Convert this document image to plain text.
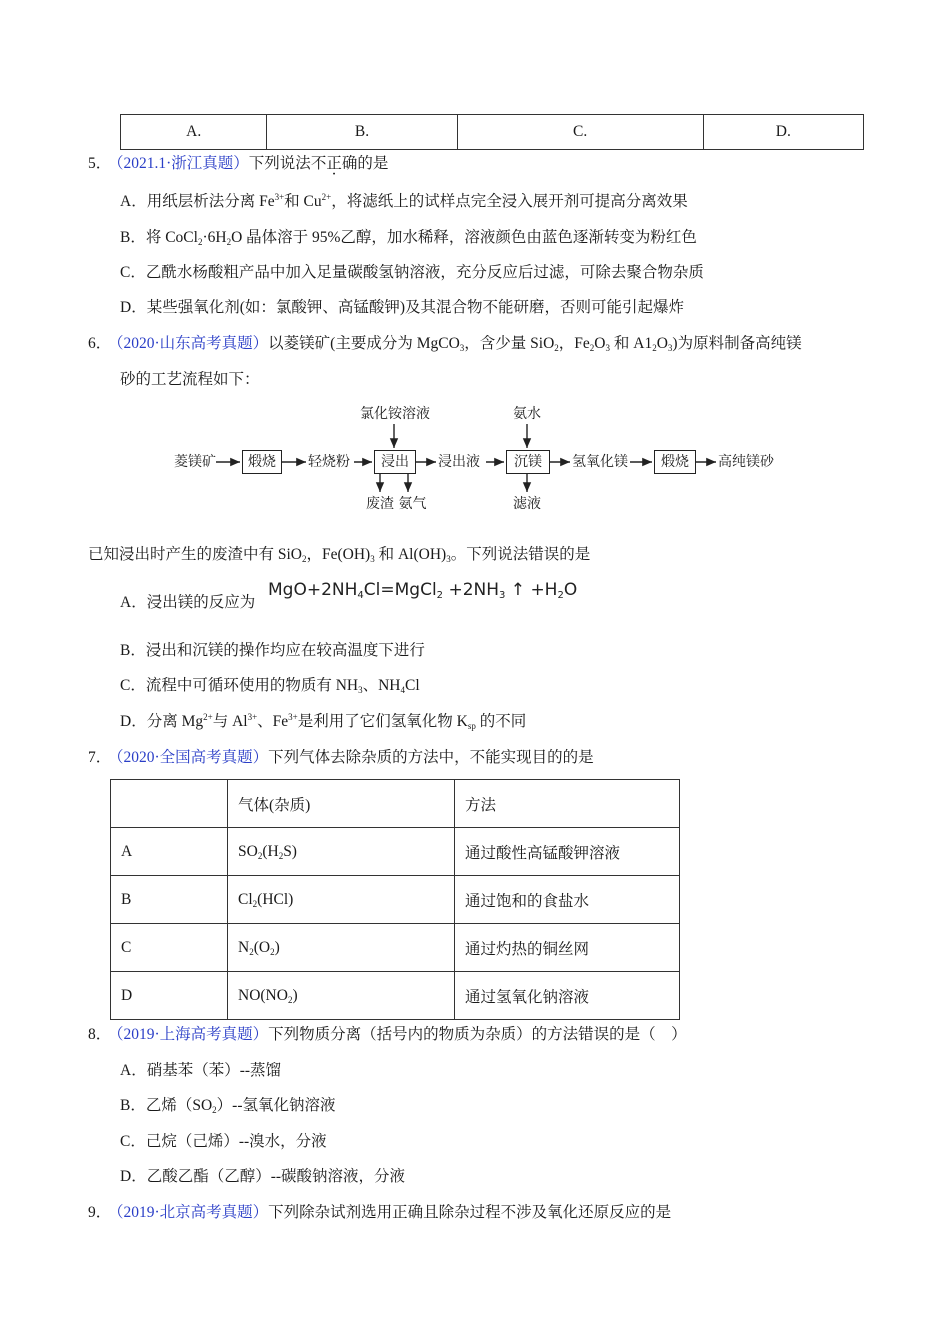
A.	B.	C.	D.
5．
（2021.1·浙江真题）下列说法不正确的是
A．用纸层析法分离 $Fe^{3+}$和 $Cu^{2+}$，将滤纸上的试样点完全浸入展开剂可提高分离效果
B．将 $CoCl_2\cdot 6H_2O$ 晶体溶于 95%乙醇，加水稀释，溶液颜色由蓝色逐渐转变为粉红色
C．乙酰水杨酸粗产品中加入足量碳酸氢钠溶液，充分反应后过滤，可除去聚合物杂质
D．某些强氧化剂(如：氯酸钾、高锰酸钾)及其混合物不能研磨，否则可能引起爆炸
6．
（2020·山东高考真题）以菱镁矿(主要成分为 MgCO$_3$，含少量 SiO$_2$，$Fe_2O_3$ 和 $A1_2O_3$)为原料制备高纯镁
砂的工艺流程如下：
菱镁矿	煅烧	轻烧粉
氯化铵溶液
浸出
废渣 氨气
浸出液
氨水
沉镁
滤液
氢氧化镁	煅烧	高纯镁砂
已知浸出时产生的废渣中有 SiO$_2$，$Fe(OH)_3$ 和 $Al(OH)_3$。下列说法错误的是
A．浸出镁的反应为
$MgO+2NH_4Cl=MgCl_2 +2NH_3$ ↑ $+H_2O$
B．浸出和沉镁的操作均应在较高温度下进行
C．流程中可循环使用的物质有 $NH_3$、$NH_4Cl$
D．分离 $Mg^{2+}$与 $Al^{3+}$、$Fe^{3+}$是利用了它们氢氧化物 $K_{sp}$ 的不同
7．
（2020·全国高考真题）下列气体去除杂质的方法中，不能实现目的的是
	气体(杂质)	方法
A	$SO_2(H_2S)$	通过酸性高锰酸钾溶液
B	$Cl_2(HCl)$	通过饱和的食盐水
C	$N_2(O_2)$	通过灼热的铜丝网
D	$NO(NO_2)$	通过氢氧化钠溶液
8．
（2019·上海高考真题）下列物质分离（括号内的物质为杂质）的方法错误的是（　）
A．硝基苯（苯）--蒸馏
B．乙烯$(SO_2)--$氢氧化钠溶液
C．己烷（己烯）--溴水，分液
D．乙酸乙酯（乙醇）--碳酸钠溶液，分液
9．
（2019·北京高考真题）下列除杂试剂选用正确且除杂过程不涉及氧化还原反应的是
